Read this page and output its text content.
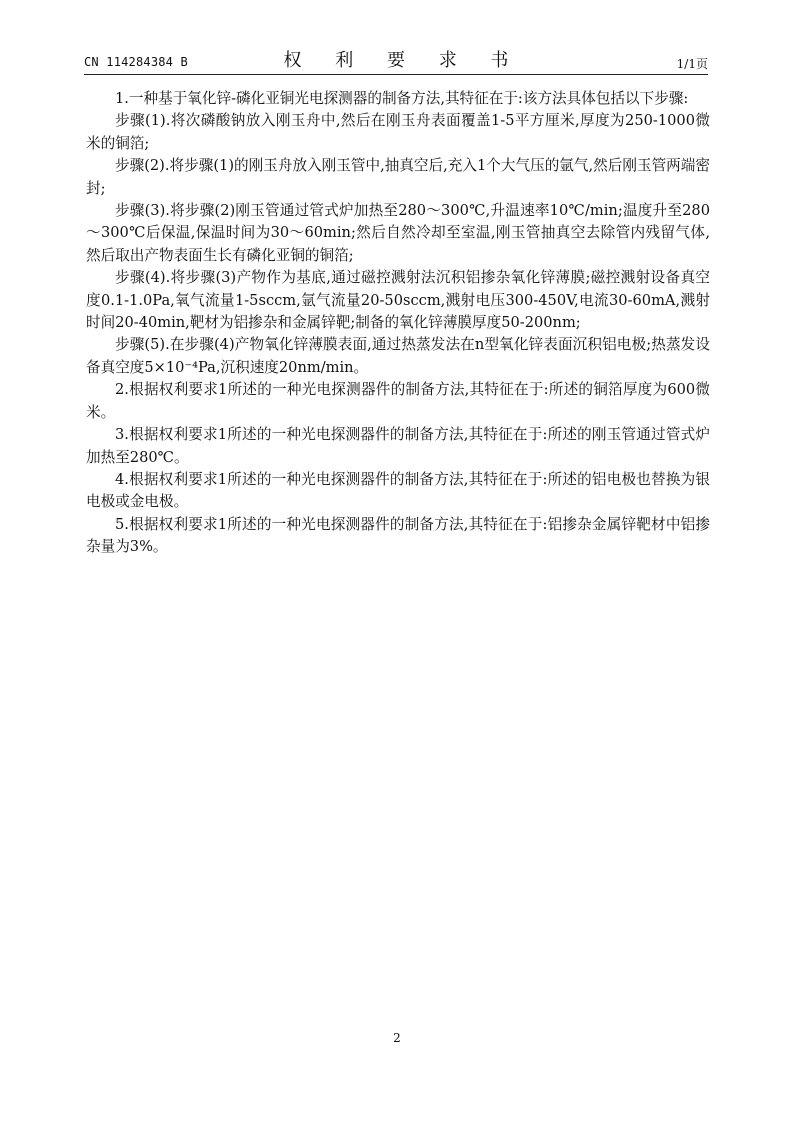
CN 114284384 B	权 利 要 求 书	1/1页

1.一种基于氧化锌-磷化亚铜光电探测器的制备方法,其特征在于:该方法具体包括以下步骤:

步骤(1).将次磷酸钠放入刚玉舟中,然后在刚玉舟表面覆盖1-5平方厘米,厚度为250-1000微米的铜箔;

步骤(2).将步骤(1)的刚玉舟放入刚玉管中,抽真空后,充入1个大气压的氩气,然后刚玉管两端密封;

步骤(3).将步骤(2)刚玉管通过管式炉加热至280～300℃,升温速率10℃/min;温度升至280～300℃后保温,保温时间为30～60min;然后自然冷却至室温,刚玉管抽真空去除管内残留气体,然后取出产物表面生长有磷化亚铜的铜箔;

步骤(4).将步骤(3)产物作为基底,通过磁控溅射法沉积铝掺杂氧化锌薄膜;磁控溅射设备真空度0.1-1.0Pa,氧气流量1-5sccm,氩气流量20-50sccm,溅射电压300-450V,电流30-60mA,溅射时间20-40min,靶材为铝掺杂和金属锌靶;制备的氧化锌薄膜厚度50-200nm;

步骤(5).在步骤(4)产物氧化锌薄膜表面,通过热蒸发法在n型氧化锌表面沉积铝电极;热蒸发设备真空度5×10⁻⁴Pa,沉积速度20nm/min。

2.根据权利要求1所述的一种光电探测器件的制备方法,其特征在于:所述的铜箔厚度为600微米。

3.根据权利要求1所述的一种光电探测器件的制备方法,其特征在于:所述的刚玉管通过管式炉加热至280℃。

4.根据权利要求1所述的一种光电探测器件的制备方法,其特征在于:所述的铝电极也替换为银电极或金电极。

5.根据权利要求1所述的一种光电探测器件的制备方法,其特征在于:铝掺杂金属锌靶材中铝掺杂量为3%。

2
